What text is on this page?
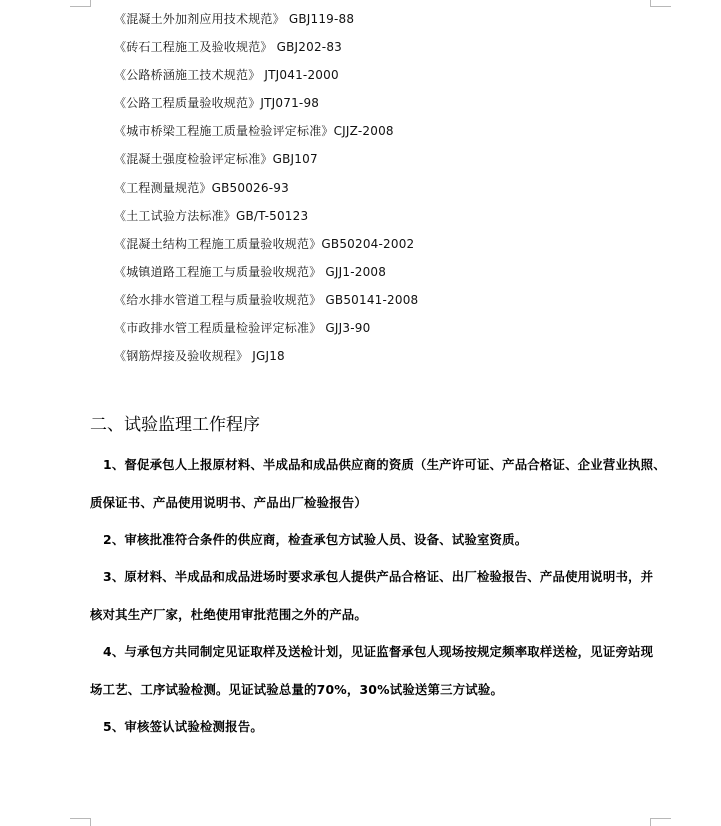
《混凝土外加剂应用技术规范》 GBJ119-88
《砖石工程施工及验收规范》 GBJ202-83
《公路桥涵施工技术规范》 JTJ041-2000
《公路工程质量验收规范》JTJ071-98
《城市桥梁工程施工质量检验评定标准》CJJZ-2008
《混凝土强度检验评定标准》GBJ107
《工程测量规范》GB50026-93
《土工试验方法标准》GB/T-50123
《混凝土结构工程施工质量验收规范》GB50204-2002
《城镇道路工程施工与质量验收规范》 GJJ1-2008
《给水排水管道工程与质量验收规范》 GB50141-2008
《市政排水管工程质量检验评定标准》 GJJ3-90
《钢筋焊接及验收规程》 JGJ18
二、试验监理工作程序
1、督促承包人上报原材料、半成品和成品供应商的资质（生产许可证、产品合格证、企业营业执照、
质保证书、产品使用说明书、产品出厂检验报告）
2、审核批准符合条件的供应商，检查承包方试验人员、设备、试验室资质。
3、原材料、半成品和成品进场时要求承包人提供产品合格证、出厂检验报告、产品使用说明书，并
核对其生产厂家，杜绝使用审批范围之外的产品。
4、与承包方共同制定见证取样及送检计划，见证监督承包人现场按规定频率取样送检，见证旁站现
场工艺、工序试验检测。见证试验总量的70%，30%试验送第三方试验。
5、审核签认试验检测报告。
